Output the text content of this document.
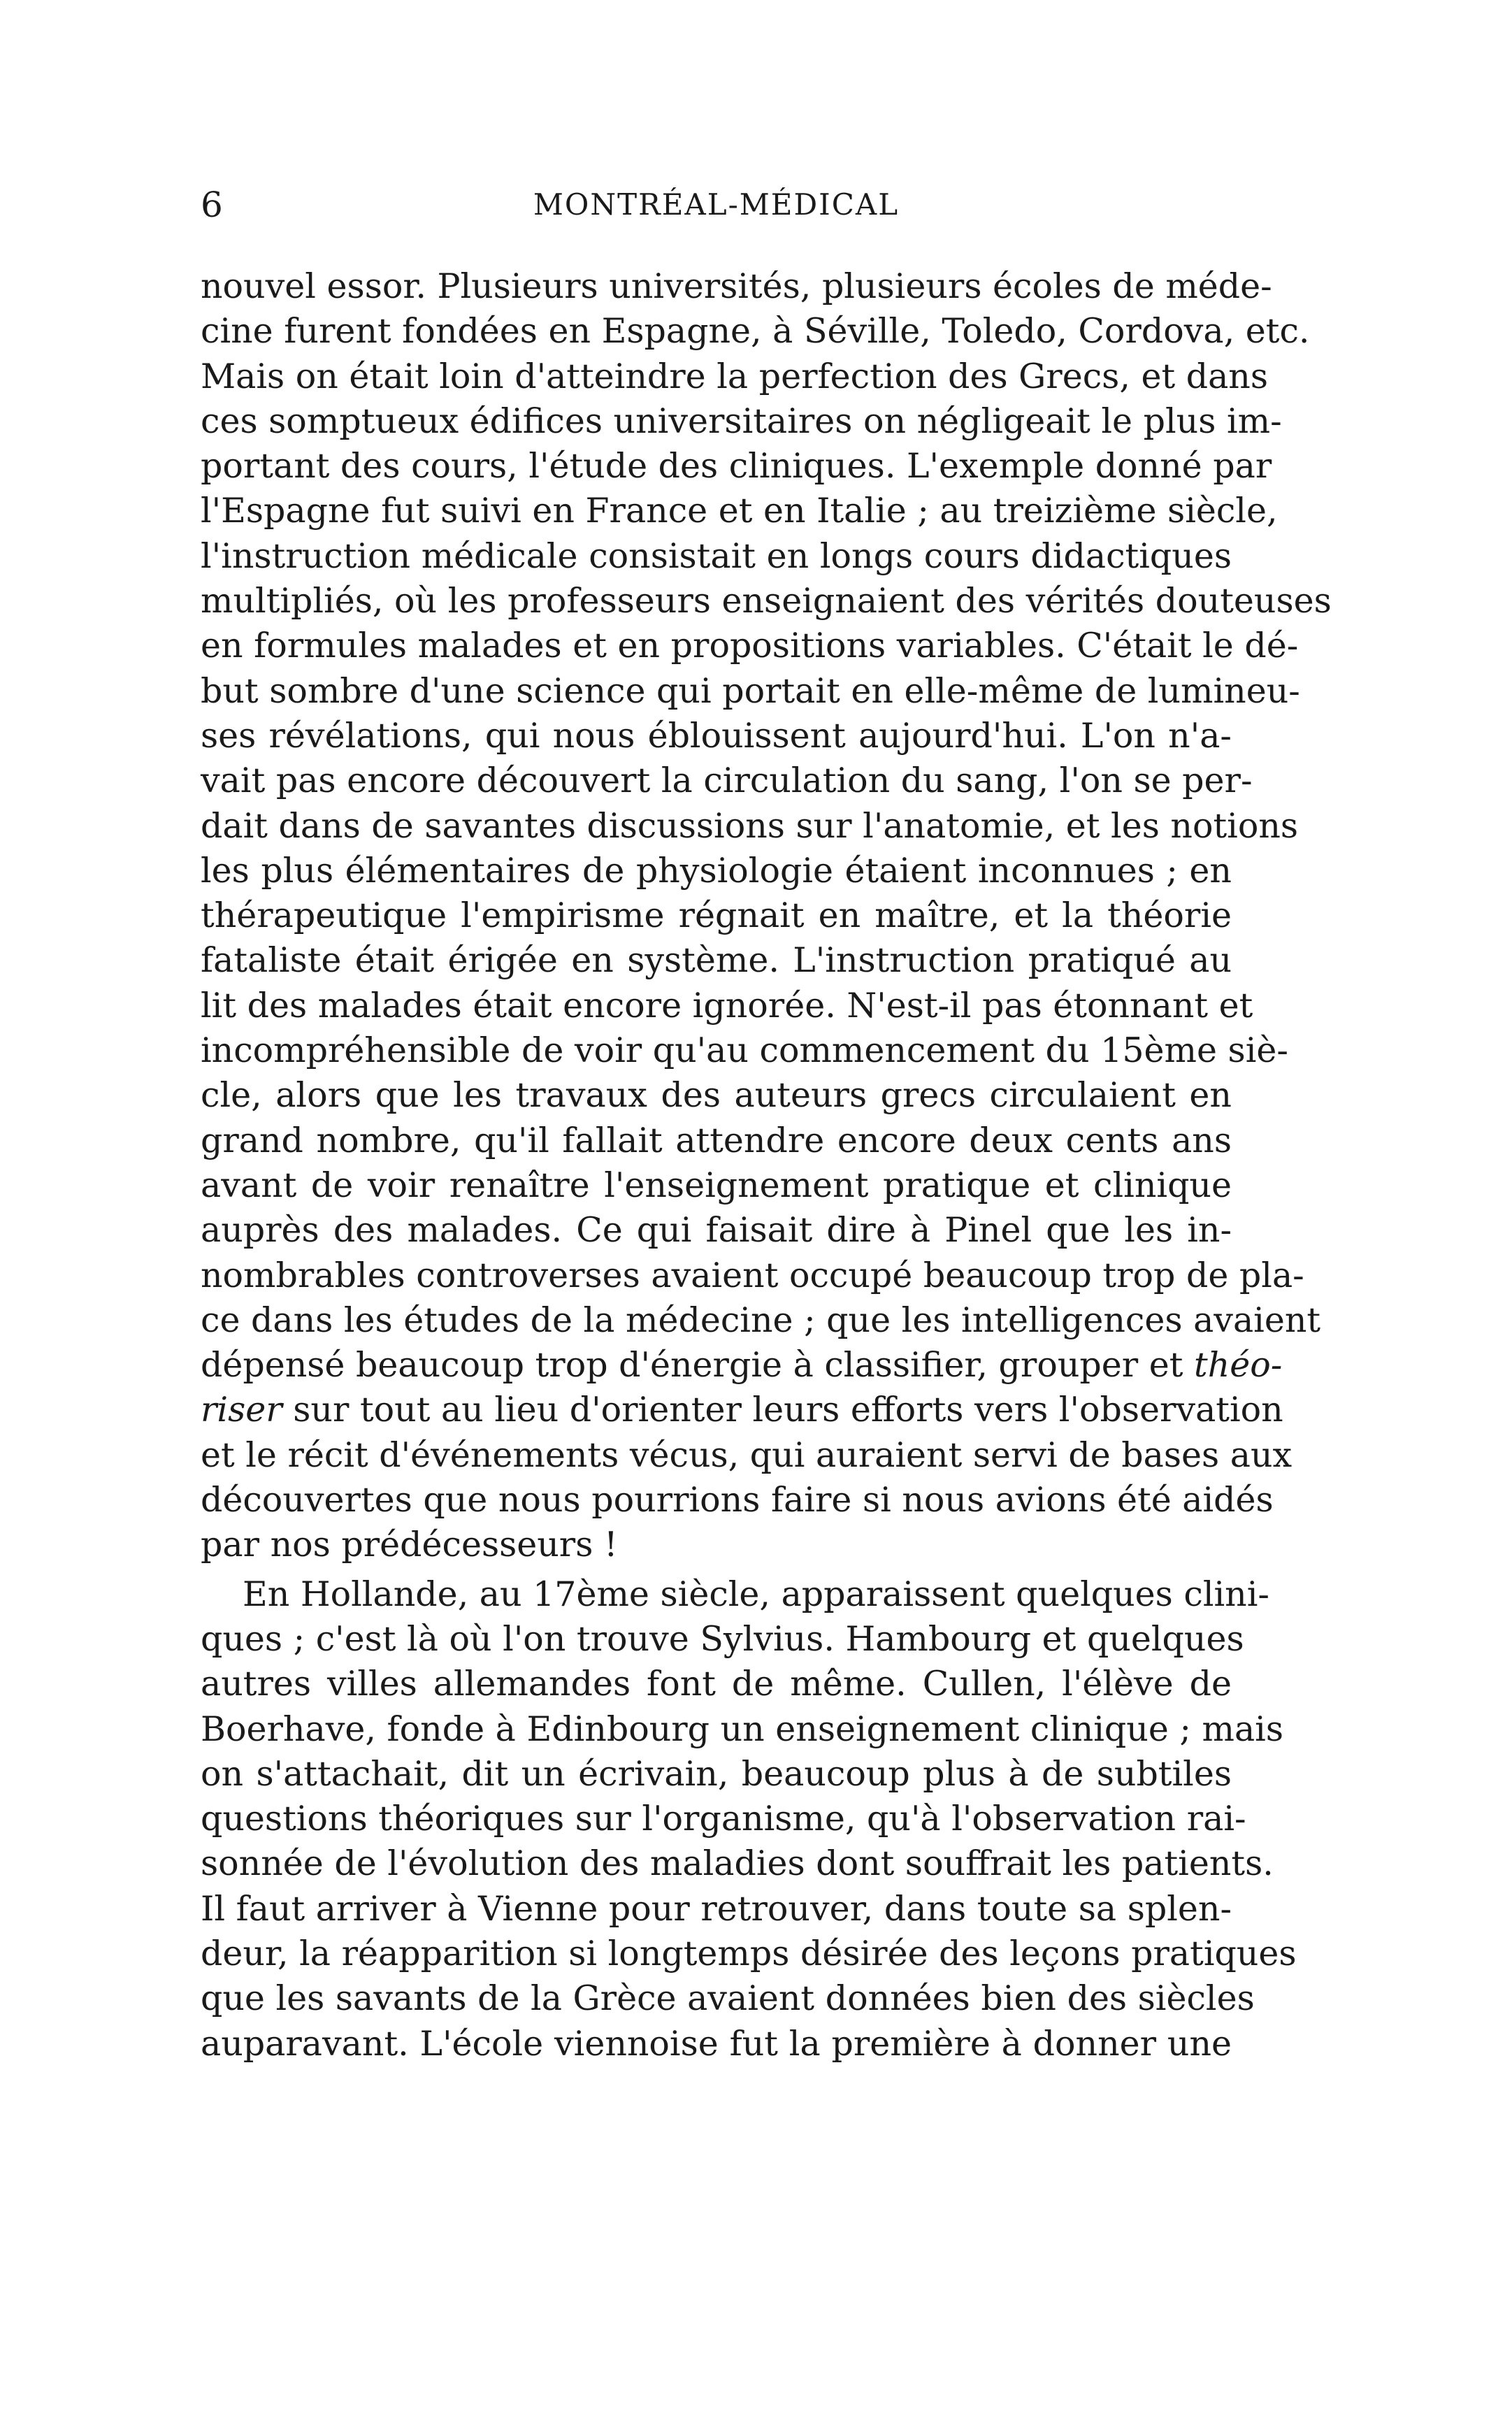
6	MONTRÉAL-MÉDICAL
nouvel essor. Plusieurs universités, plusieurs écoles de méde-
cine furent fondées en Espagne, à Séville, Toledo, Cordova, etc.
Mais on était loin d'atteindre la perfection des Grecs, et dans
ces somptueux édifices universitaires on négligeait le plus im-
portant des cours, l'étude des cliniques. L'exemple donné par
l'Espagne fut suivi en France et en Italie ; au treizième siècle,
l'instruction médicale consistait en longs cours didactiques
multipliés, où les professeurs enseignaient des vérités douteuses
en formules malades et en propositions variables. C'était le dé-
but sombre d'une science qui portait en elle-même de lumineu-
ses révélations, qui nous éblouissent aujourd'hui. L'on n'a-
vait pas encore découvert la circulation du sang, l'on se per-
dait dans de savantes discussions sur l'anatomie, et les notions
les plus élémentaires de physiologie étaient inconnues ; en
thérapeutique l'empirisme régnait en maître, et la théorie
fataliste était érigée en système. L'instruction pratiqué au
lit des malades était encore ignorée. N'est-il pas étonnant et
incompréhensible de voir qu'au commencement du 15ème siè-
cle, alors que les travaux des auteurs grecs circulaient en
grand nombre, qu'il fallait attendre encore deux cents ans
avant de voir renaître l'enseignement pratique et clinique
auprès des malades. Ce qui faisait dire à Pinel que les in-
nombrables controverses avaient occupé beaucoup trop de pla-
ce dans les études de la médecine ; que les intelligences avaient
dépensé beaucoup trop d'énergie à classifier, grouper et théo-
riser sur tout au lieu d'orienter leurs efforts vers l'observation
et le récit d'événements vécus, qui auraient servi de bases aux
découvertes que nous pourrions faire si nous avions été aidés
par nos prédécesseurs !
En Hollande, au 17ème siècle, apparaissent quelques clini-
ques ; c'est là où l'on trouve Sylvius. Hambourg et quelques
autres villes allemandes font de même. Cullen, l'élève de
Boerhave, fonde à Edinbourg un enseignement clinique ; mais
on s'attachait, dit un écrivain, beaucoup plus à de subtiles
questions théoriques sur l'organisme, qu'à l'observation rai-
sonnée de l'évolution des maladies dont souffrait les patients.
Il faut arriver à Vienne pour retrouver, dans toute sa splen-
deur, la réapparition si longtemps désirée des leçons pratiques
que les savants de la Grèce avaient données bien des siècles
auparavant. L'école viennoise fut la première à donner une
